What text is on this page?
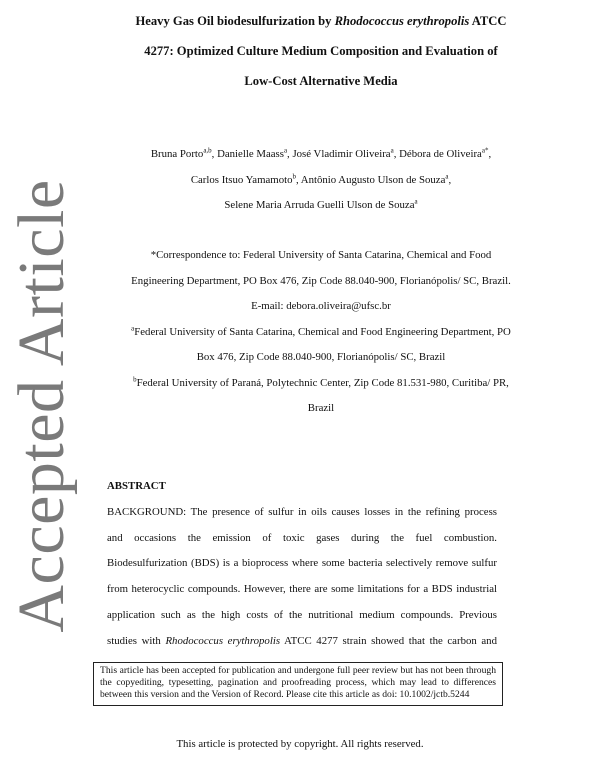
Accepted Article
Heavy Gas Oil biodesulfurization by Rhodococcus erythropolis ATCC
4277: Optimized Culture Medium Composition and Evaluation of
Low-Cost Alternative Media
Bruna Porto$^{a,b}$, Danielle Maass$^a$, José Vladimir Oliveira$^a$, Débora de Oliveira$^{a*}$,
Carlos Itsuo Yamamoto$^b$, Antônio Augusto Ulson de Souza$^a$,
Selene Maria Arruda Guelli Ulson de Souza$^a$
*Correspondence to: Federal University of Santa Catarina, Chemical and Food
Engineering Department, PO Box 476, Zip Code 88.040-900, Florianópolis/ SC, Brazil.
E-mail: debora.oliveira@ufsc.br
$^a$Federal University of Santa Catarina, Chemical and Food Engineering Department, PO
Box 476, Zip Code 88.040-900, Florianópolis/ SC, Brazil
$^b$Federal University of Paraná, Polytechnic Center, Zip Code 81.531-980, Curitiba/ PR,
Brazil
ABSTRACT
BACKGROUND: The presence of sulfur in oils causes losses in the refining process
and occasions the emission of toxic gases during the fuel combustion.
Biodesulfurization (BDS) is a bioprocess where some bacteria selectively remove sulfur
from heterocyclic compounds. However, there are some limitations for a BDS industrial
application such as the high costs of the nutritional medium compounds. Previous
studies with Rhodococcus erythropolis ATCC 4277 strain showed that the carbon and
This article has been accepted for publication and undergone full peer review but has not been through the copyediting, typesetting, pagination and proofreading process, which may lead to differences between this version and the Version of Record. Please cite this article as doi: 10.1002/jctb.5244
This article is protected by copyright. All rights reserved.
